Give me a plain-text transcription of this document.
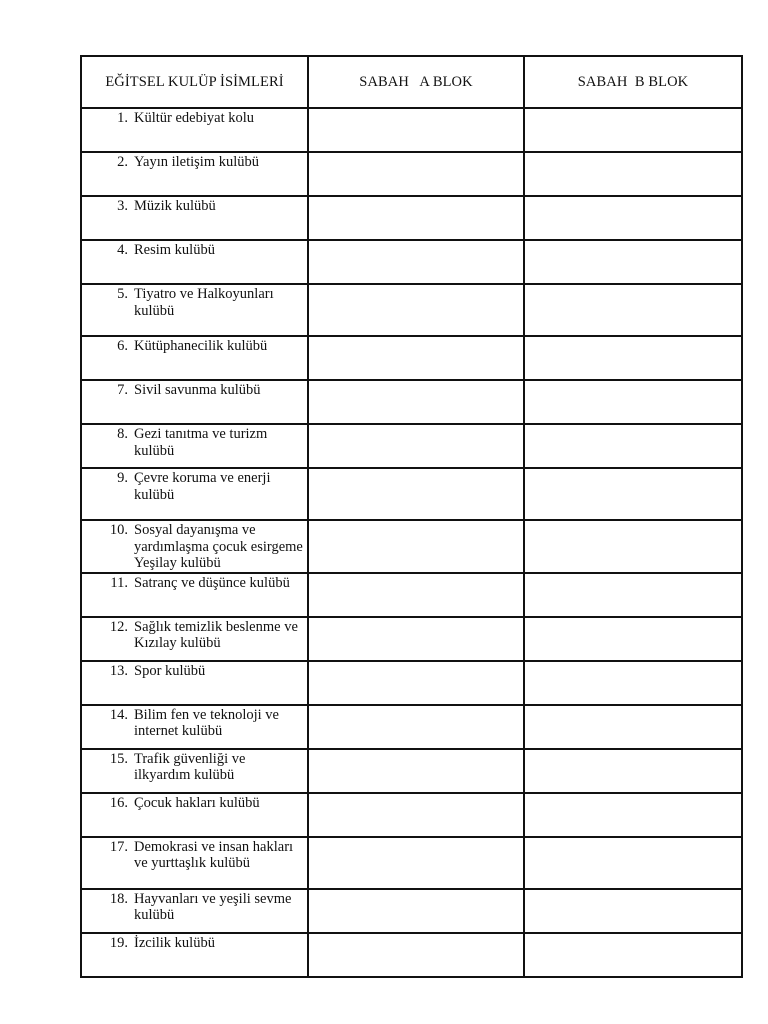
EĞİTSEL KULÜP İSİMLERİ	SABAH   A BLOK	SABAH  B BLOK

1. Kültür edebiyat kolu		

2. Yayın iletişim kulübü		

3. Müzik kulübü		

4. Resim kulübü		

5. Tiyatro ve Halkoyunları kulübü		

6. Kütüphanecilik kulübü		

7. Sivil savunma kulübü		

8. Gezi tanıtma ve turizm kulübü		

9. Çevre koruma ve enerji kulübü		

10. Sosyal dayanışma ve yardımlaşma çocuk esirgeme Yeşilay kulübü		

11. Satranç ve düşünce kulübü		

12. Sağlık temizlik beslenme ve Kızılay kulübü		

13. Spor kulübü		

14. Bilim fen ve teknoloji ve internet kulübü		

15. Trafik güvenliği ve ilkyardım kulübü		

16. Çocuk hakları kulübü		

17. Demokrasi ve insan hakları ve yurttaşlık kulübü		

18. Hayvanları ve yeşili sevme kulübü		

19. İzcilik kulübü		
